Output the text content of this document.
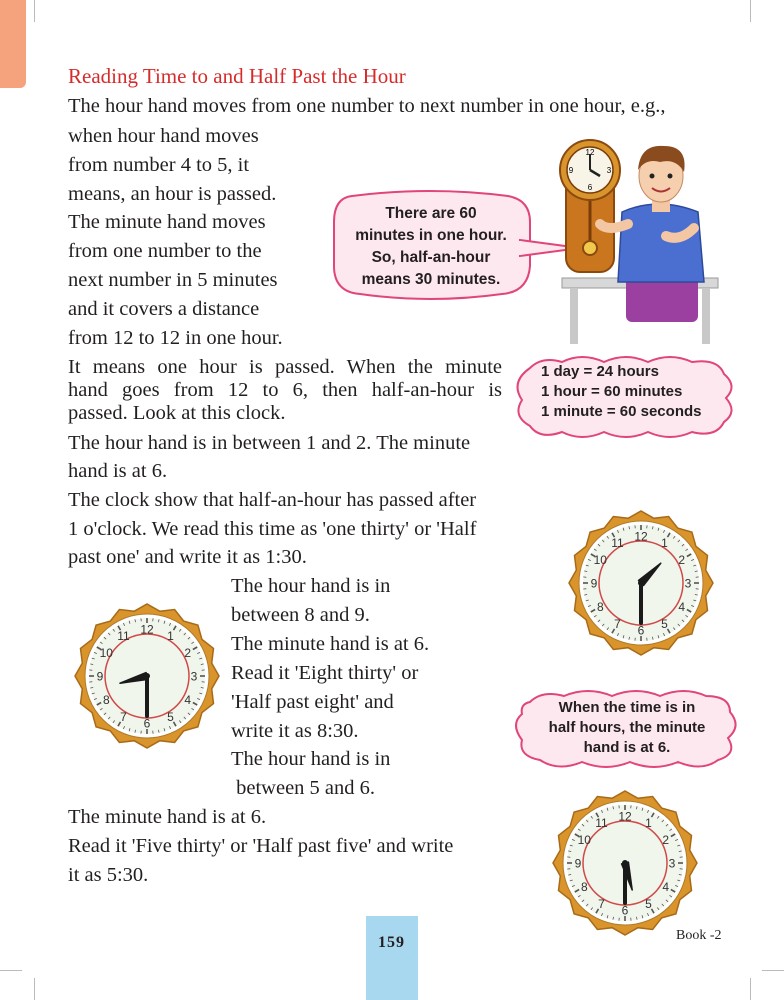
Reading Time to and Half Past the Hour
The hour hand moves from one number to next number in one hour, e.g.,
when hour hand moves
from number 4 to 5, it
means, an hour is passed.
The minute hand moves
from one number to the
next number in 5 minutes
and it covers a distance
from 12 to 12 in one hour.
It means one hour is passed. When the minute
hand goes from 12 to 6, then half-an-hour is
passed. Look at this clock.
The hour hand is in between 1 and 2. The minute
hand is at 6.
The clock show that half-an-hour has passed after
1 o'clock. We read this time as 'one thirty' or 'Half
past one' and write it as 1:30.
The hour hand is in
between 8 and 9.
The minute hand is at 6.
Read it 'Eight thirty' or
'Half past eight' and
write it as 8:30.
The hour hand is in
between 5 and 6.
The minute hand is at 6.
Read it 'Five thirty' or 'Half past five' and write
it as 5:30.
There are 60
minutes in one hour.
So, half-an-hour
means 30 minutes.
1 day = 24 hours
1 hour = 60 minutes
1 minute = 60 seconds
When the time is in
half hours, the minute
hand is at 6.
12
3
6
9
12 1
2
3
4
5
6
7
8
9
10
11
12 1
2
3
4
5
6
7
8
9
10
11
12 1
2
3
4
5
6
7
8
9
10
11
159	Book -2
